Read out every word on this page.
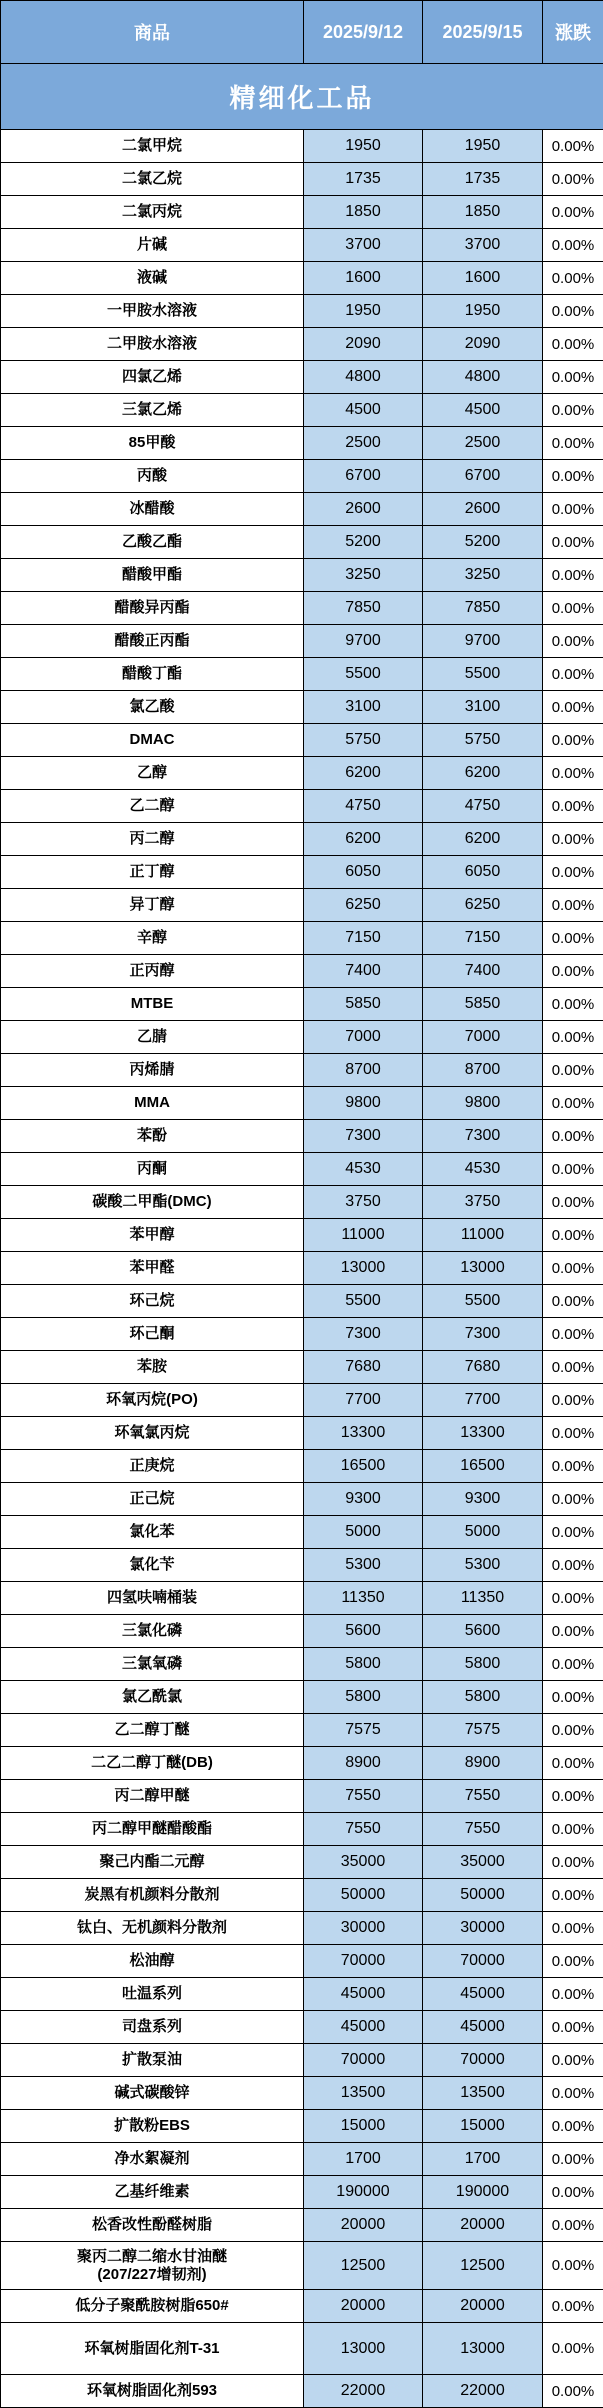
商品	2025/9/12	2025/9/15	涨跌
精细化工品			
二氯甲烷	1950	1950	0.00%
二氯乙烷	1735	1735	0.00%
二氯丙烷	1850	1850	0.00%
片碱	3700	3700	0.00%
液碱	1600	1600	0.00%
一甲胺水溶液	1950	1950	0.00%
二甲胺水溶液	2090	2090	0.00%
四氯乙烯	4800	4800	0.00%
三氯乙烯	4500	4500	0.00%
85甲酸	2500	2500	0.00%
丙酸	6700	6700	0.00%
冰醋酸	2600	2600	0.00%
乙酸乙酯	5200	5200	0.00%
醋酸甲酯	3250	3250	0.00%
醋酸异丙酯	7850	7850	0.00%
醋酸正丙酯	9700	9700	0.00%
醋酸丁酯	5500	5500	0.00%
氯乙酸	3100	3100	0.00%
DMAC	5750	5750	0.00%
乙醇	6200	6200	0.00%
乙二醇	4750	4750	0.00%
丙二醇	6200	6200	0.00%
正丁醇	6050	6050	0.00%
异丁醇	6250	6250	0.00%
辛醇	7150	7150	0.00%
正丙醇	7400	7400	0.00%
MTBE	5850	5850	0.00%
乙腈	7000	7000	0.00%
丙烯腈	8700	8700	0.00%
MMA	9800	9800	0.00%
苯酚	7300	7300	0.00%
丙酮	4530	4530	0.00%
碳酸二甲酯(DMC)	3750	3750	0.00%
苯甲醇	11000	11000	0.00%
苯甲醛	13000	13000	0.00%
环己烷	5500	5500	0.00%
环己酮	7300	7300	0.00%
苯胺	7680	7680	0.00%
环氧丙烷(PO)	7700	7700	0.00%
环氧氯丙烷	13300	13300	0.00%
正庚烷	16500	16500	0.00%
正己烷	9300	9300	0.00%
氯化苯	5000	5000	0.00%
氯化苄	5300	5300	0.00%
四氢呋喃桶装	11350	11350	0.00%
三氯化磷	5600	5600	0.00%
三氯氧磷	5800	5800	0.00%
氯乙酰氯	5800	5800	0.00%
乙二醇丁醚	7575	7575	0.00%
二乙二醇丁醚(DB)	8900	8900	0.00%
丙二醇甲醚	7550	7550	0.00%
丙二醇甲醚醋酸酯	7550	7550	0.00%
聚己内酯二元醇	35000	35000	0.00%
炭黑有机颜料分散剂	50000	50000	0.00%
钛白、无机颜料分散剂	30000	30000	0.00%
松油醇	70000	70000	0.00%
吐温系列	45000	45000	0.00%
司盘系列	45000	45000	0.00%
扩散泵油	70000	70000	0.00%
碱式碳酸锌	13500	13500	0.00%
扩散粉EBS	15000	15000	0.00%
净水絮凝剂	1700	1700	0.00%
乙基纤维素	190000	190000	0.00%
松香改性酚醛树脂	20000	20000	0.00%
聚丙二醇二缩水甘油醚
(207/227增韧剂)	12500	12500	0.00%
低分子聚酰胺树脂650#	20000	20000	0.00%
环氧树脂固化剂T-31	13000	13000	0.00%
环氧树脂固化剂593	22000	22000	0.00%
